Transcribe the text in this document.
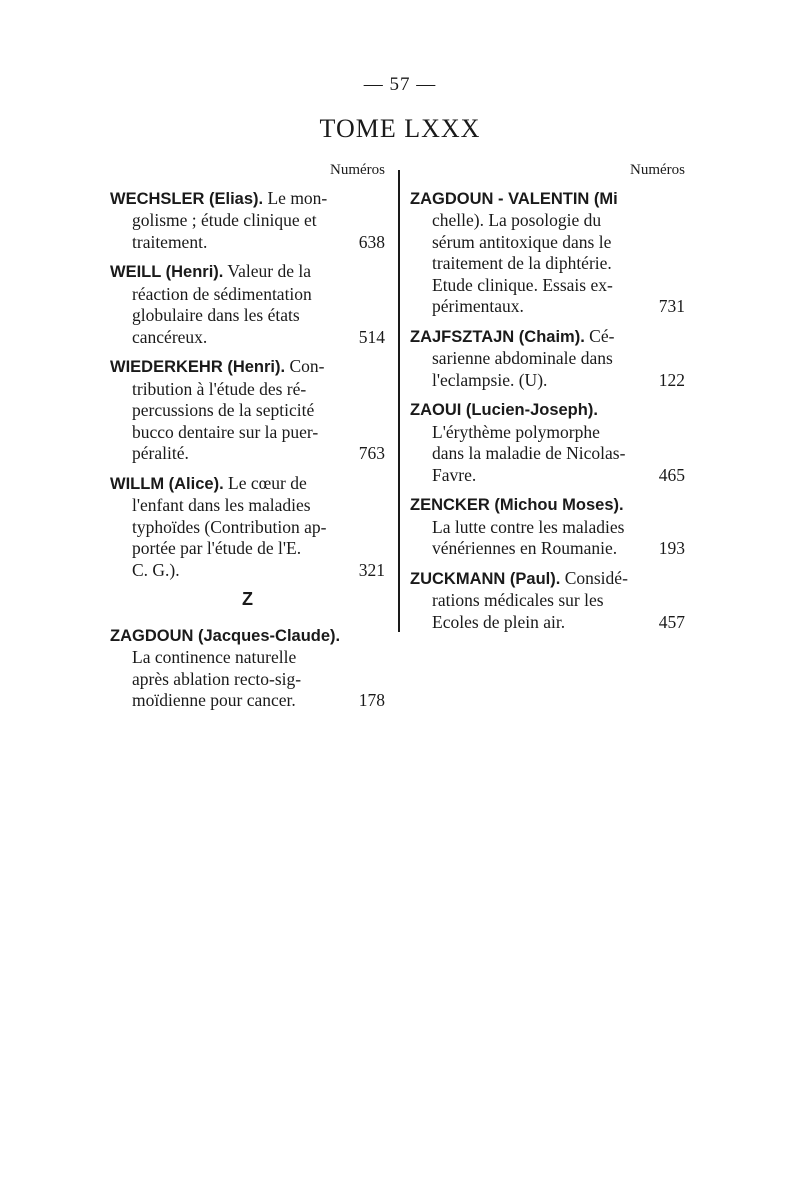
— 57 —
TOME LXXX
Numéros
WECHSLER (Elias). Le mon-
golisme ; étude clinique et
traitement.	638
WEILL (Henri). Valeur de la
réaction de sédimentation
globulaire dans les états
cancéreux.	514
WIEDERKEHR (Henri). Con-
tribution à l'étude des ré-
percussions de la septicité
bucco dentaire sur la puer-
péralité.	763
WILLM (Alice). Le cœur de
l'enfant dans les maladies
typhoïdes (Contribution ap-
portée par l'étude de l'E.
C. G.).	321
Z
ZAGDOUN (Jacques-Claude).
La continence naturelle
après ablation recto-sig-
moïdienne pour cancer.	178
Numéros
ZAGDOUN - VALENTIN (Mi
chelle). La posologie du
sérum antitoxique dans le
traitement de la diphtérie.
Etude clinique. Essais ex-
périmentaux.	731
ZAJFSZTAJN (Chaim). Cé-
sarienne abdominale dans
l'eclampsie. (U).	122
ZAOUI (Lucien-Joseph).
L'érythème polymorphe
dans la maladie de Nicolas-
Favre.	465
ZENCKER (Michou Moses).
La lutte contre les maladies
vénériennes en Roumanie. 193
ZUCKMANN (Paul). Considé-
rations médicales sur les
Ecoles de plein air.	457
